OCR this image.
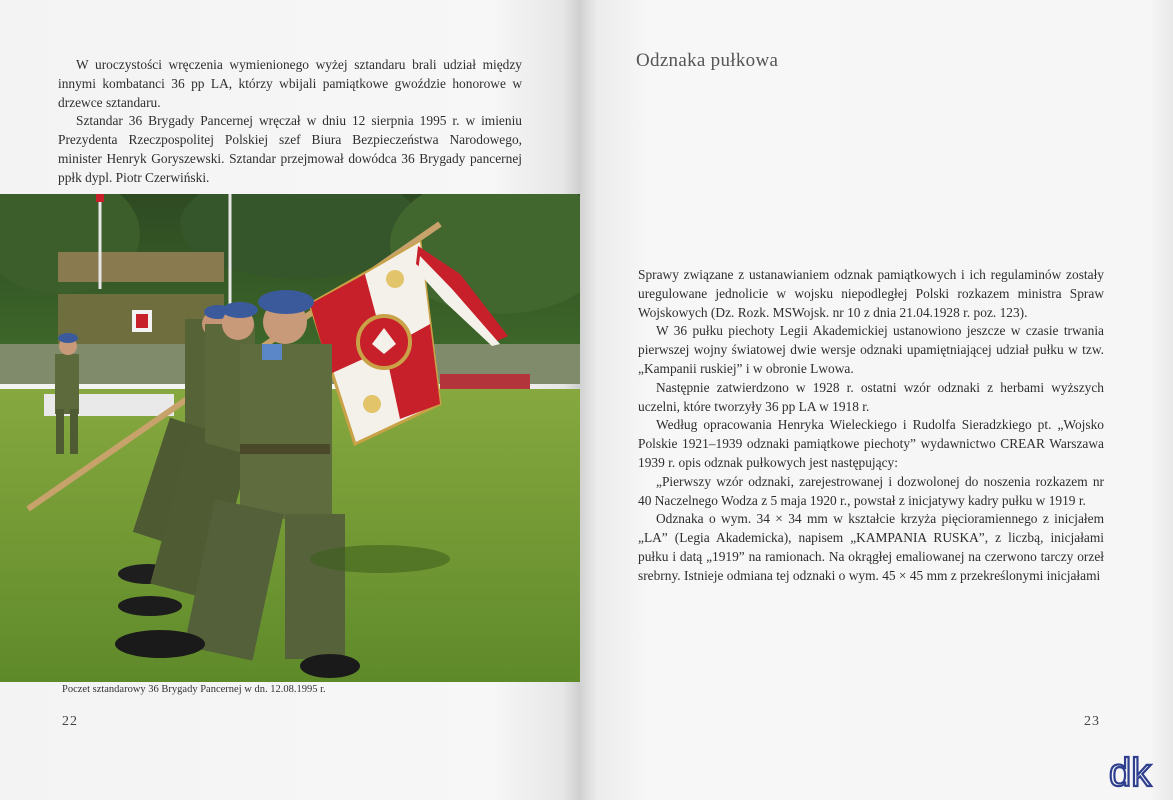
W uroczystości wręczenia wymienionego wyżej sztandaru brali udział między innymi kombatanci 36 pp LA, którzy wbijali pamiątkowe gwoździe honorowe w drzewce sztandaru.

Sztandar 36 Brygady Pancernej wręczał w dniu 12 sierpnia 1995 r. w imieniu Prezydenta Rzeczpospolitej Polskiej szef Biura Bezpieczeństwa Narodowego, minister Henryk Goryszewski. Sztandar przejmował dowódca 36 Brygady pancernej ppłk dypl. Piotr Czerwiński.

Poczet sztandarowy 36 Brygady Pancernej w dn. 12.08.1995 r.
22
Odznaka pułkowa

Sprawy związane z ustanawianiem odznak pamiątkowych i ich regulaminów zostały uregulowane jednolicie w wojsku niepodległej Polski rozkazem ministra Spraw Wojskowych (Dz. Rozk. MSWojsk. nr 10 z dnia 21.04.1928 r. poz. 123).

W 36 pułku piechoty Legii Akademickiej ustanowiono jeszcze w czasie trwania pierwszej wojny światowej dwie wersje odznaki upamiętniającej udział pułku w tzw. „Kampanii ruskiej” i w obronie Lwowa.

Następnie zatwierdzono w 1928 r. ostatni wzór odznaki z herbami wyższych uczelni, które tworzyły 36 pp LA w 1918 r.

Według opracowania Henryka Wieleckiego i Rudolfa Sieradzkiego pt. „Wojsko Polskie 1921–1939 odznaki pamiątkowe piechoty” wydawnictwo CREAR Warszawa 1939 r. opis odznak pułkowych jest następujący:

„Pierwszy wzór odznaki, zarejestrowanej i dozwolonej do noszenia rozkazem nr 40 Naczelnego Wodza z 5 maja 1920 r., powstał z inicjatywy kadry pułku w 1919 r.

Odznaka o wym. 34 × 34 mm w kształcie krzyża pięcioramiennego z inicjałem „LA” (Legia Akademicka), napisem „KAMPANIA RUSKA”, z liczbą, inicjałami pułku i datą „1919” na ramionach. Na okrągłej emaliowanej na czerwono tarczy orzeł srebrny. Istnieje odmiana tej odznaki o wym. 45 × 45 mm z przekreślonymi inicjałami

23
dk
